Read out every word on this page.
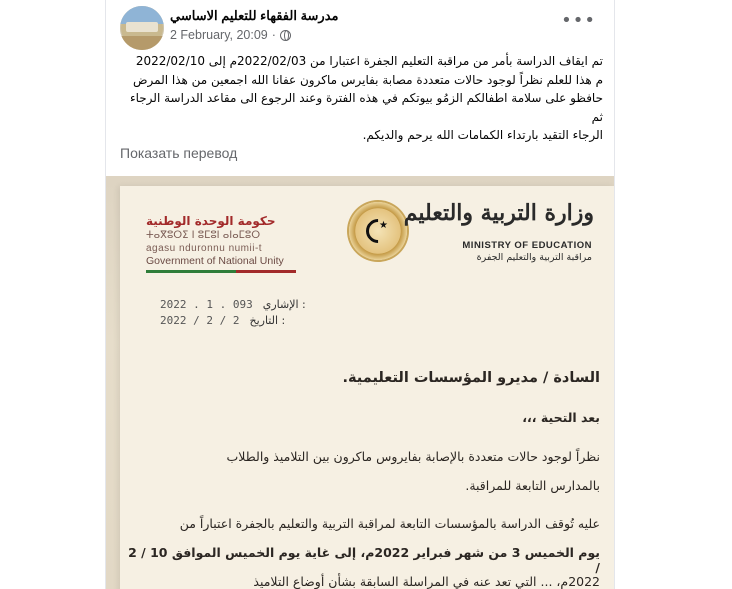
مدرسة الفقهاء للتعليم الاساسي
2 February, 20:09 ·
•••

تم ايقاف الدراسة بأمر من مراقبة التعليم الجفرة اعتبارا من 2022/02/03م إلى 2022/02/10

م هذا للعلم نظراً لوجود حالات متعددة مصابة بفايرس ماكرون عفانا الله اجمعين من هذا المرض

حافظو على سلامة اطفالكم الزمُو بيوتكم في هذه الفترة وعند الرجوع الى مقاعد الدراسة الرجاء ثم

الرجاء التقيد بارتداء الكمامات الله يرحم والديكم.

Показать перевод
حكومة الوحدة الوطنية
ⵜⴰⴳⵓⵔⵉ ⵏ ⵓⵎⵓⵏ ⴰⵏⴰⵎⵓⵔ
agasu nduronnu numii-t
Government of National Unity
★ وزارة التربية والتعليم
MINISTRY OF EDUCATION
مراقبة التربية والتعليم الجفرة
2022 . 1 . 093 الإشاري :
2022 / 2 / 2 التاريخ :
السادة / مديرو المؤسسات التعليمية.
بعد التحية ،،،
نظراً لوجود حالات متعددة بالإصابة بفايروس ماكرون بين التلاميذ والطلاب
بالمدارس التابعة للمراقبة.
عليه تُوقف الدراسة بالمؤسسات التابعة لمراقبة التربية والتعليم بالجفرة اعتباراً من
يوم الخميس 3 من شهر فبراير 2022م، إلى غاية يوم الخميس الموافق 10 / 2 /
2022م، ... التي تعد عنه في المراسلة السابقة بشأن أوضاع التلاميذ
